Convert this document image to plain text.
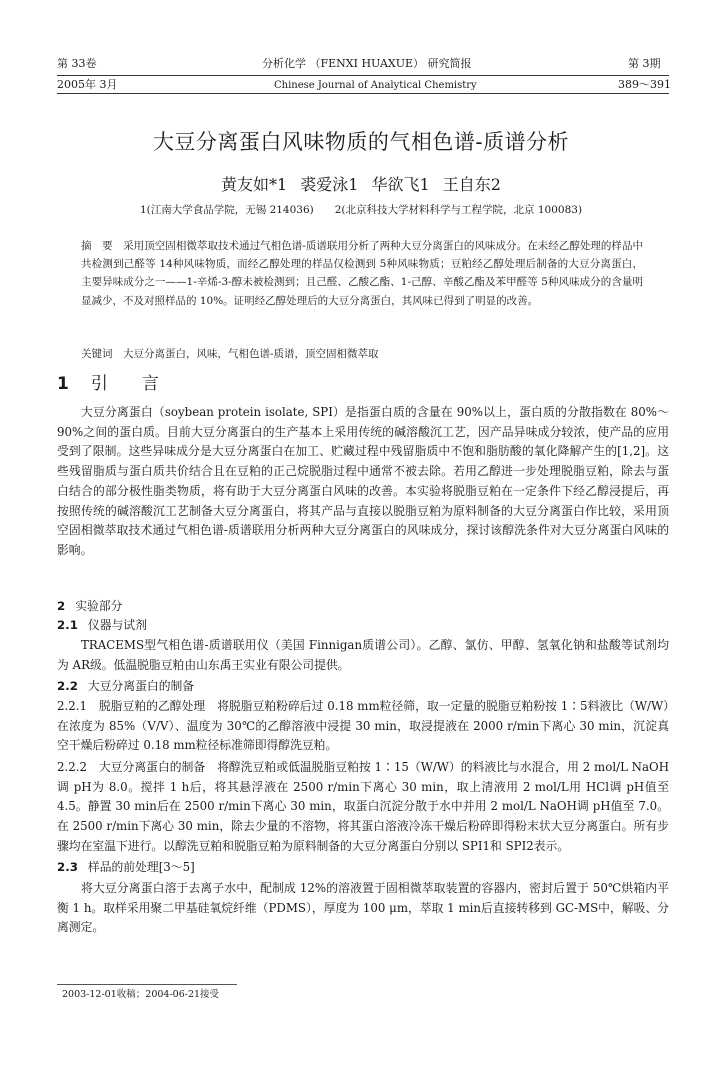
第 33卷	分析化学 （FENXI HUAXUE） 研究简报	第 3期
2005年 3月	Chinese Journal of Analytical Chemistry	389～391
大豆分离蛋白风味物质的气相色谱-质谱分析
黄友如*1 裘爱泳1 华欲飞1 王自东2
1(江南大学食品学院，无锡 214036)　　2(北京科技大学材料科学与工程学院，北京 100083)
摘　要　采用顶空固相微萃取技术通过气相色谱-质谱联用分析了两种大豆分离蛋白的风味成分。在未经乙醇处理的样品中共检测到己醛等 14种风味物质，而经乙醇处理的样品仅检测到 5种风味物质；豆粕经乙醇处理后制备的大豆分离蛋白，主要异味成分之一——1-辛烯-3-醇未被检测到；且己醛、乙酸乙酯、1-己醇、辛酸乙酯及苯甲醛等 5种风味成分的含量明显减少，不及对照样品的 10%。证明经乙醇处理后的大豆分离蛋白，其风味已得到了明显的改善。
关键词　大豆分离蛋白，风味，气相色谱-质谱，顶空固相微萃取
1 引　　言

大豆分离蛋白（soybean protein isolate, SPI）是指蛋白质的含量在 90%以上，蛋白质的分散指数在 80%～90%之间的蛋白质。目前大豆分离蛋白的生产基本上采用传统的碱溶酸沉工艺，因产品异味成分较浓，使产品的应用受到了限制。这些异味成分是大豆分离蛋白在加工、贮藏过程中残留脂质中不饱和脂肪酸的氧化降解产生的[1,2]。这些残留脂质与蛋白质共价结合且在豆粕的正己烷脱脂过程中通常不被去除。若用乙醇进一步处理脱脂豆粕，除去与蛋白结合的部分极性脂类物质，将有助于大豆分离蛋白风味的改善。本实验将脱脂豆粕在一定条件下经乙醇浸提后，再按照传统的碱溶酸沉工艺制备大豆分离蛋白，将其产品与直接以脱脂豆粕为原料制备的大豆分离蛋白作比较，采用顶空固相微萃取技术通过气相色谱-质谱联用分析两种大豆分离蛋白的风味成分，探讨该醇洗条件对大豆分离蛋白风味的影响。

2 实验部分
2.1 仪器与试剂

TRACEMS型气相色谱-质谱联用仪（美国 Finnigan质谱公司）。乙醇、氯仿、甲醇、氢氧化钠和盐酸等试剂均为 AR级。低温脱脂豆粕由山东禹王实业有限公司提供。

2.2 大豆分离蛋白的制备

2.2.1　脱脂豆粕的乙醇处理　将脱脂豆粕粉碎后过 0.18 mm粒径筛，取一定量的脱脂豆粕粉按 1∶5料液比（W/W）在浓度为 85%（V/V）、温度为 30℃的乙醇溶液中浸提 30 min，取浸提液在 2000 r/min下离心 30 min，沉淀真空干燥后粉碎过 0.18 mm粒径标准筛即得醇洗豆粕。

2.2.2　大豆分离蛋白的制备　将醇洗豆粕或低温脱脂豆粕按 1∶15（W/W）的料液比与水混合，用 2 mol/L NaOH调 pH为 8.0。搅拌 1 h后，将其悬浮液在 2500 r/min下离心 30 min，取上清液用 2 mol/L用 HCl调 pH值至 4.5。静置 30 min后在 2500 r/min下离心 30 min，取蛋白沉淀分散于水中并用 2 mol/L NaOH调 pH值至 7.0。在 2500 r/min下离心 30 min，除去少量的不溶物，将其蛋白溶液冷冻干燥后粉碎即得粉末状大豆分离蛋白。所有步骤均在室温下进行。以醇洗豆粕和脱脂豆粕为原料制备的大豆分离蛋白分别以 SPI1和 SPI2表示。

2.3 样品的前处理[3～5]

将大豆分离蛋白溶于去离子水中，配制成 12%的溶液置于固相微萃取装置的容器内，密封后置于 50℃烘箱内平衡 1 h。取样采用聚二甲基硅氧烷纤维（PDMS），厚度为 100 μm，萃取 1 min后直接转移到 GC-MS中，解吸、分离测定。

2003-12-01收稿；2004-06-21接受
